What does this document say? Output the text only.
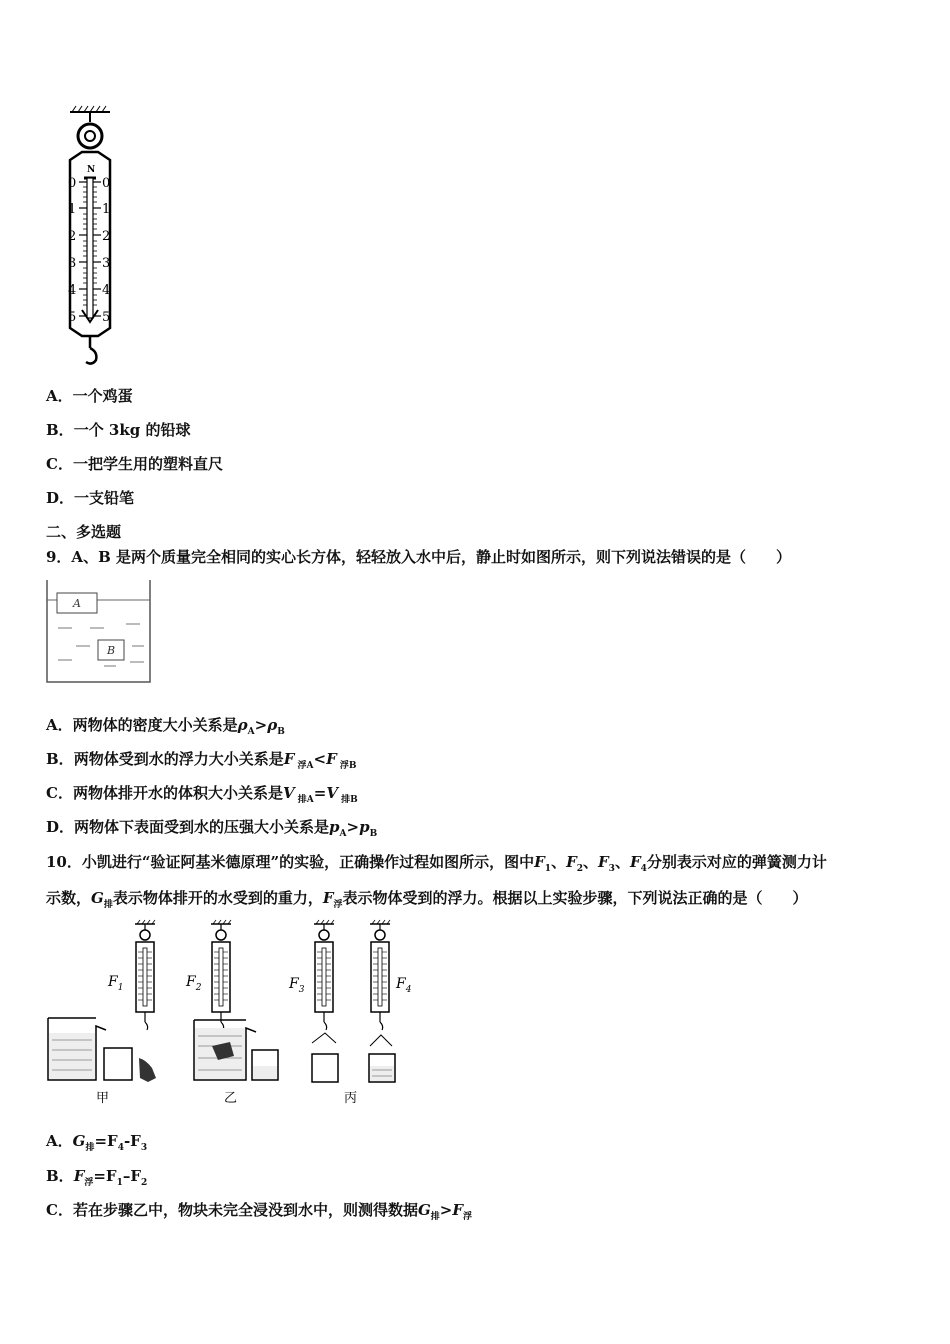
N
0 0
1 1
2 2
3 3
4 4
5 5
A．一个鸡蛋
B．一个 3kg 的铅球
C．一把学生用的塑料直尺
D．一支铅笔
二、多选题
9．A、B 是两个质量完全相同的实心长方体，轻轻放入水中后，静止时如图所示，则下列说法错误的是（　　）
A
B
A．两物体的密度大小关系是$\rho_A>\rho_B$
B．两物体受到水的浮力大小关系是F $_{浮A}$<F $_{浮B}$
C．两物体排开水的体积大小关系是V $_{排A}$=V $_{排B}$
D．两物体下表面受到水的压强大小关系是$p_A>p_B$
10．小凯进行“验证阿基米德原理”的实验，正确操作过程如图所示，图中$F_1$、$F_2$、$F_3$、$F_4$分别表示对应的弹簧测力计
示数，$G_排$表示物体排开的水受到的重力，$F_浮$表示物体受到的浮力。根据以上实验步骤，下列说法正确的是（　　）
$F_1$	$F_2$	$F_3$	$F_4$
甲	乙	丙
A．$G_排=F_4-F_3$
B．$F_浮=F_1-F_2$
C．若在步骤乙中，物块未完全浸没到水中，则测得数据$G_排>F_浮$
